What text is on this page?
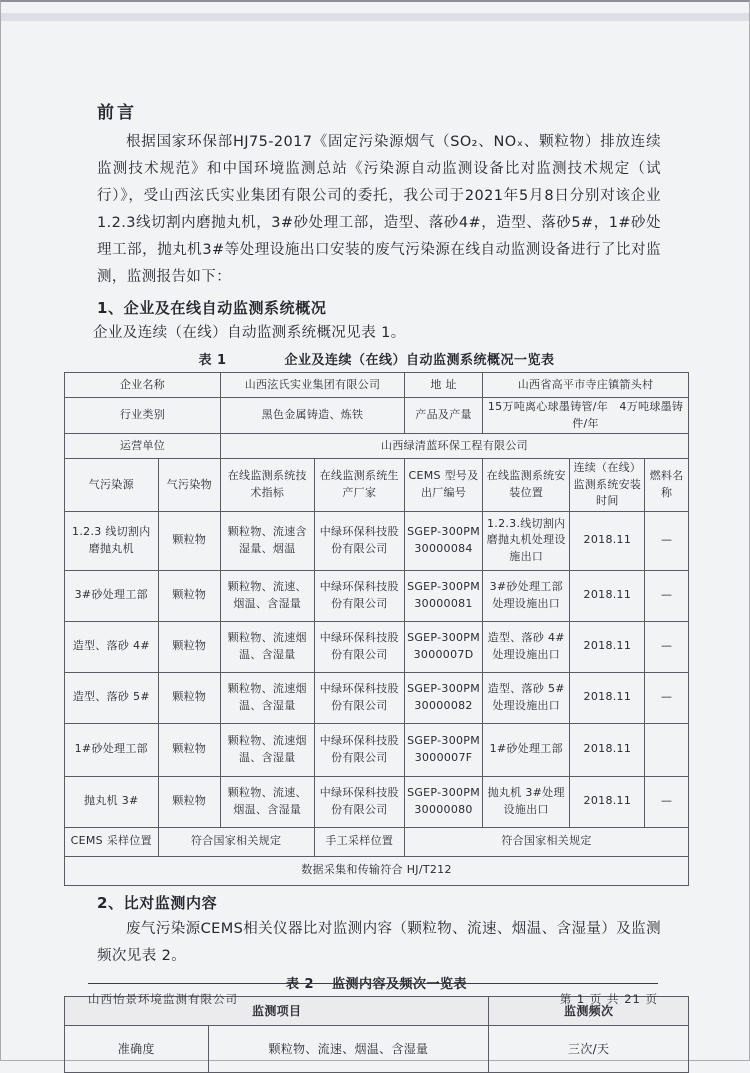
前言

根据国家环保部HJ75-2017《固定污染源烟气（SO₂、NOₓ、颗粒物）排放连续监测技术规范》和中国环境监测总站《污染源自动监测设备比对监测技术规定（试行）》，受山西泫氏实业集团有限公司的委托，我公司于2021年5月8日分别对该企业1.2.3线切割内磨抛丸机，3#砂处理工部，造型、落砂4#，造型、落砂5#，1#砂处理工部，抛丸机3#等处理设施出口安装的废气污染源在线自动监测设备进行了比对监测，监测报告如下：

1、企业及在线自动监测系统概况
企业及连续（在线）自动监测系统概况见表 1。
表 1	企业及连续（在线）自动监测系统概况一览表
企业名称		山西泫氏实业集团有限公司		地 址	山西省高平市寺庄镇箭头村		
行业类别		黑色金属铸造、炼铁		产品及产量	15万吨离心球墨铸管/年　4万吨球墨铸件/年		
运营单位		山西绿清蓝环保工程有限公司					
气污染源	气污染物	在线监测系统技术指标	在线监测系统生产厂家	CEMS 型号及出厂编号	在线监测系统安装位置	连续（在线）监测系统安装时间	燃料名称
1.2.3 线切割内磨抛丸机	颗粒物	颗粒物、流速含湿量、烟温	中绿环保科技股份有限公司	SGEP-300PM
30000084	1.2.3.线切割内磨抛丸机处理设施出口	2018.11	—
3#砂处理工部	颗粒物	颗粒物、流速、烟温、含湿量	中绿环保科技股份有限公司	SGEP-300PM
30000081	3#砂处理工部处理设施出口	2018.11	—
造型、落砂 4#	颗粒物	颗粒物、流速烟温、含湿量	中绿环保科技股份有限公司	SGEP-300PM
3000007D	造型、落砂 4#处理设施出口	2018.11	—
造型、落砂 5#	颗粒物	颗粒物、流速烟温、含湿量	中绿环保科技股份有限公司	SGEP-300PM
30000082	造型、落砂 5#处理设施出口	2018.11	—
1#砂处理工部	颗粒物	颗粒物、流速烟温、含湿量	中绿环保科技股份有限公司	SGEP-300PM
3000007F	1#砂处理工部	2018.11	
抛丸机 3#	颗粒物	颗粒物、流速、烟温、含湿量	中绿环保科技股份有限公司	SGEP-300PM
30000080	抛丸机 3#处理设施出口	2018.11	—
CEMS 采样位置	符合国家相关规定		手工采样位置	符合国家相关规定			
数据采集和传输符合 HJ/T212							
2、比对监测内容

废气污染源CEMS相关仪器比对监测内容（颗粒物、流速、烟温、含湿量）及监测频次见表 2。

表 2 监测内容及频次一览表
监测项目		监测频次
准确度	颗粒物、流速、烟温、含湿量	三次/天
山西怡景环境监测有限公司	第 1 页 共 21 页
